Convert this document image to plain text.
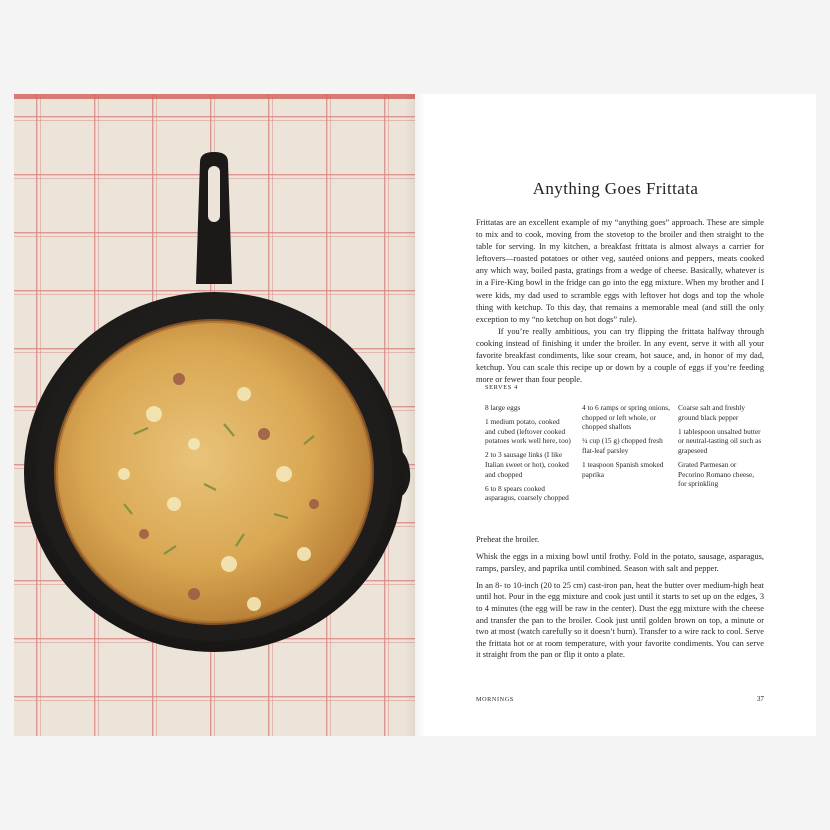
Anything Goes Frittata

Frittatas are an excellent example of my “anything goes” approach. These are simple to mix and to cook, moving from the stovetop to the broiler and then straight to the table for serving. In my kitchen, a breakfast frittata is almost always a carrier for leftovers—roasted potatoes or other veg, sautéed onions and peppers, meats cooked any which way, boiled pasta, gratings from a wedge of cheese. Basically, whatever is in a Fire-King bowl in the fridge can go into the egg mixture. When my brother and I were kids, my dad used to scramble eggs with leftover hot dogs and top the whole thing with ketchup. To this day, that remains a memorable meal (and still the only exception to my “no ketchup on hot dogs” rule).

If you’re really ambitious, you can try flipping the frittata halfway through cooking instead of finishing it under the broiler. In any event, serve it with all your favorite breakfast condiments, like sour cream, hot sauce, and, in honor of my dad, ketchup. You can scale this recipe up or down by a couple of eggs if you’re feeding more or fewer than four people.

SERVES 4
8 large eggs
1 medium potato, cooked and cubed (leftover cooked potatoes work well here, too)
2 to 3 sausage links (I like Italian sweet or hot), cooked and chopped
6 to 8 spears cooked asparagus, coarsely chopped
4 to 6 ramps or spring onions, chopped or left whole, or chopped shallots
¼ cup (15 g) chopped fresh flat-leaf parsley
1 teaspoon Spanish smoked paprika
Coarse salt and freshly ground black pepper
1 tablespoon unsalted butter or neutral-tasting oil such as grapeseed
Grated Parmesan or Pecorino Romano cheese, for sprinkling

Preheat the broiler.

Whisk the eggs in a mixing bowl until frothy. Fold in the potato, sausage, asparagus, ramps, parsley, and paprika until combined. Season with salt and pepper.

In an 8- to 10-inch (20 to 25 cm) cast-iron pan, heat the butter over medium-high heat until hot. Pour in the egg mixture and cook just until it starts to set up on the edges, 3 to 4 minutes (the egg will be raw in the center). Dust the egg mixture with the cheese and transfer the pan to the broiler. Cook just until golden brown on top, a minute or two at most (watch carefully so it doesn’t burn). Transfer to a wire rack to cool. Serve the frittata hot or at room temperature, with your favorite condiments. You can serve it straight from the pan or flip it onto a plate.

MORNINGS	37
